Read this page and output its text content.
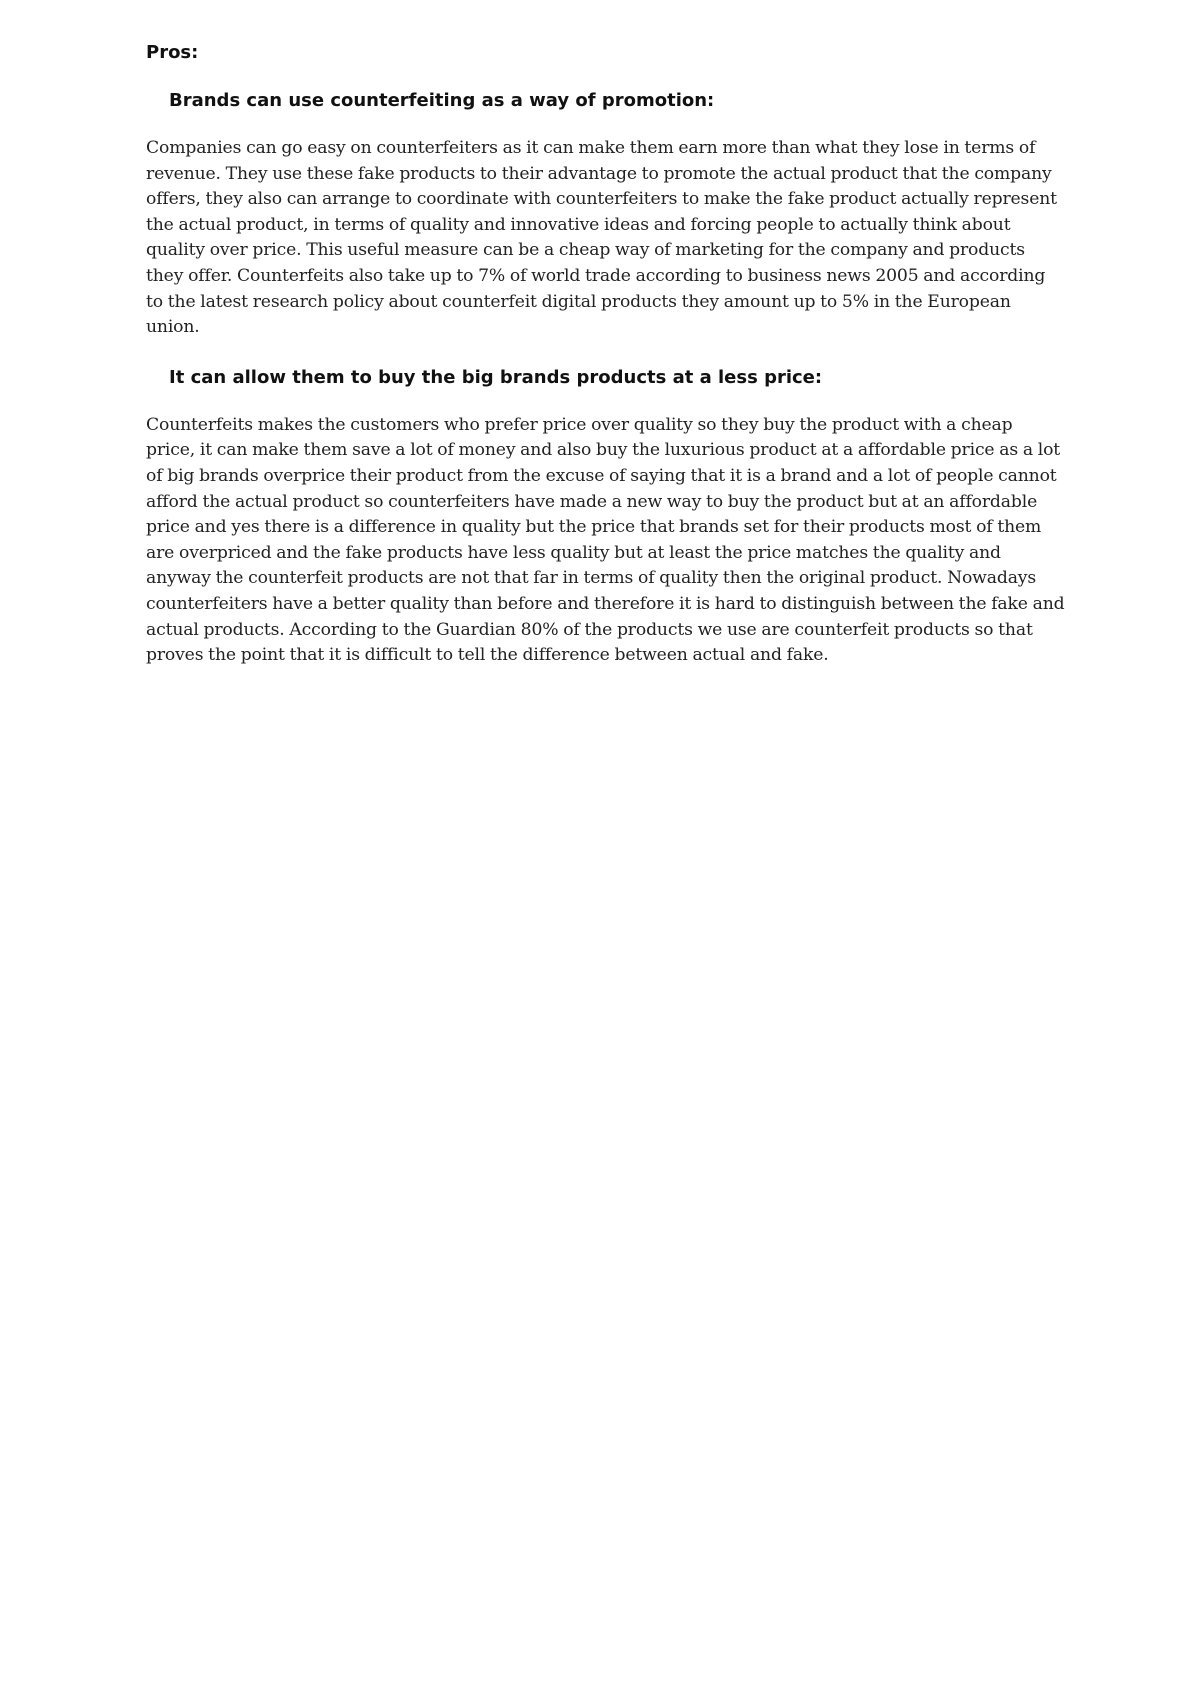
Pros:
Brands can use counterfeiting as a way of promotion:

Companies can go easy on counterfeiters as it can make them earn more than what they lose in terms of revenue. They use these fake products to their advantage to promote the actual product that the company offers, they also can arrange to coordinate with counterfeiters to make the fake product actually represent the actual product, in terms of quality and innovative ideas and forcing people to actually think about quality over price. This useful measure can be a cheap way of marketing for the company and products they offer. Counterfeits also take up to 7% of world trade according to business news 2005 and according to the latest research policy about counterfeit digital products they amount up to 5% in the European union.

It can allow them to buy the big brands products at a less price:

Counterfeits makes the customers who prefer price over quality so they buy the product with a cheap price, it can make them save a lot of money and also buy the luxurious product at a affordable price as a lot of big brands overprice their product from the excuse of saying that it is a brand and a lot of people cannot afford the actual product so counterfeiters have made a new way to buy the product but at an affordable price and yes there is a difference in quality but the price that brands set for their products most of them are overpriced and the fake products have less quality but at least the price matches the quality and anyway the counterfeit products are not that far in terms of quality then the original product. Nowadays counterfeiters have a better quality than before and therefore it is hard to distinguish between the fake and actual products. According to the Guardian 80% of the products we use are counterfeit products so that proves the point that it is difficult to tell the difference between actual and fake.
